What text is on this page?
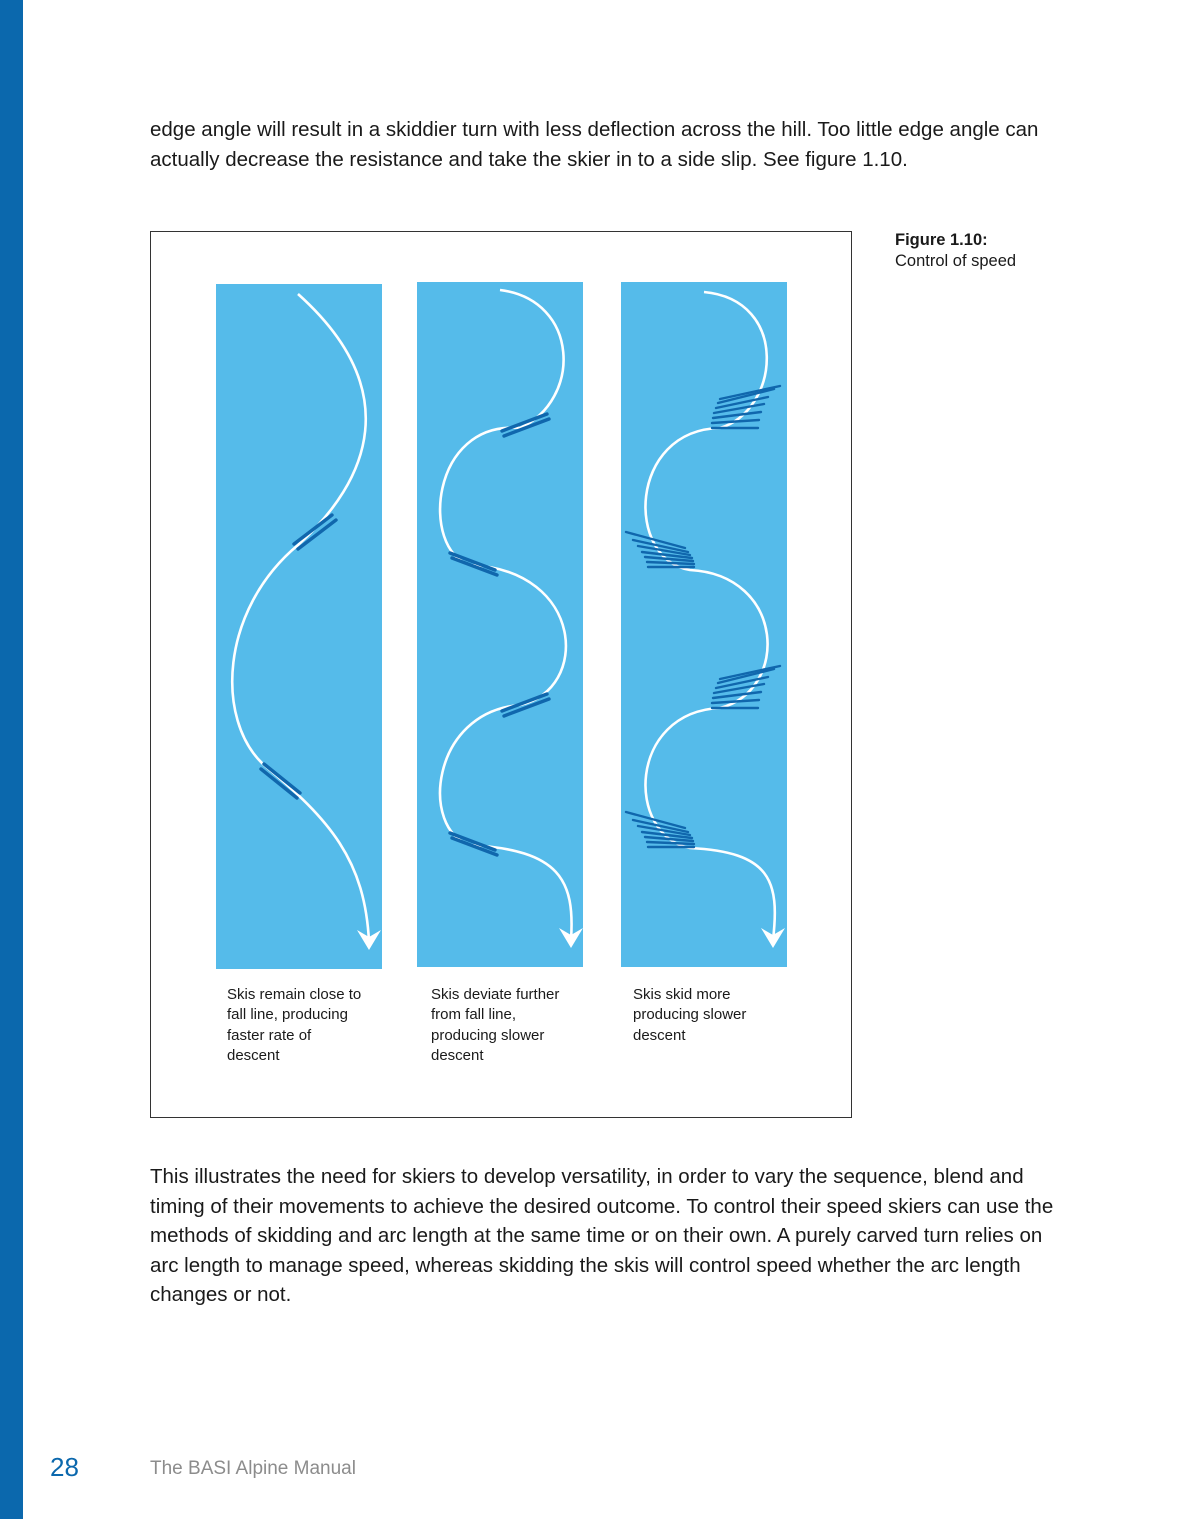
edge angle will result in a skiddier turn with less deflection across the hill. Too little edge angle can actually decrease the resistance and take the skier in to a side slip. See figure 1.10.

Figure 1.10:
Control of speed

Skis remain close to
fall line, producing
faster rate of
descent

Skis deviate further
from fall line,
producing slower
descent

Skis skid more
producing slower
descent

This illustrates the need for skiers to develop versatility, in order to vary the sequence, blend and timing of their movements to achieve the desired outcome. To control their speed skiers can use the methods of skidding and arc length at the same time or on their own. A purely carved turn relies on arc length to manage speed, whereas skidding the skis will control speed whether the arc length changes or not.

28	The BASI Alpine Manual
